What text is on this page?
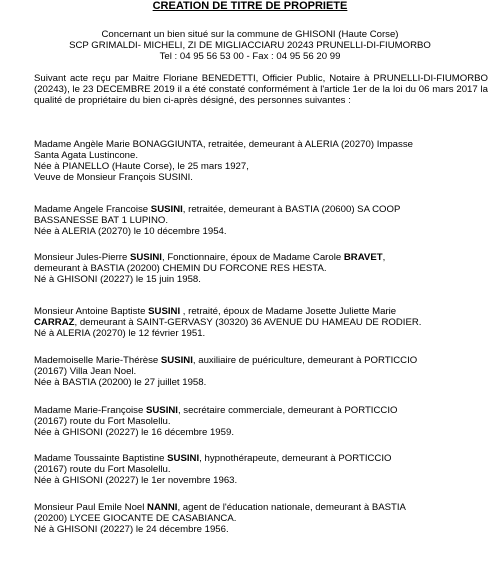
CREATION DE TITRE DE PROPRIETE
Concernant un bien situé sur la commune de GHISONI (Haute Corse)
SCP GRIMALDI- MICHELI, ZI DE MIGLIACCIARU 20243 PRUNELLI-DI-FIUMORBO
Tel : 04 95 56 53 00 - Fax : 04 95 56 20 99
Suivant acte reçu par Maitre Floriane BENEDETTI, Officier Public, Notaire à PRUNELLI-DI-FIUMORBO (20243), le 23 DECEMBRE 2019 il a été constaté conformément à l'article 1er de la loi du 06 mars 2017 la qualité de propriétaire du bien ci-après désigné, des personnes suivantes :
Madame Angèle Marie BONAGGIUNTA, retraitée, demeurant à ALERIA (20270) Impasse
Santa Agata Lustincone.
Née à PIANELLO (Haute Corse), le 25 mars 1927,
Veuve de Monsieur François SUSINI.
Madame Angele Francoise SUSINI, retraitée, demeurant à BASTIA (20600) SA COOP
BASSANESSE BAT 1 LUPINO.
Née à ALERIA (20270) le 10 décembre 1954.
Monsieur Jules-Pierre SUSINI, Fonctionnaire, époux de Madame Carole BRAVET,
demeurant à BASTIA (20200) CHEMIN DU FORCONE RES HESTA.
Né à GHISONI (20227) le 15 juin 1958.
Monsieur Antoine Baptiste SUSINI , retraité, époux de Madame Josette Juliette Marie
CARRAZ, demeurant à SAINT-GERVASY (30320) 36 AVENUE DU HAMEAU DE RODIER.
Né à ALERIA (20270) le 12 février 1951.
Mademoiselle Marie-Thérèse SUSINI, auxiliaire de puériculture, demeurant à PORTICCIO
(20167) Villa Jean Noel.
Née à BASTIA (20200) le 27 juillet 1958.
Madame Marie-Françoise SUSINI, secrétaire commerciale, demeurant à PORTICCIO
(20167) route du Fort Masolellu.
Née à GHISONI (20227) le 16 décembre 1959.
Madame Toussainte Baptistine SUSINI, hypnothérapeute, demeurant à PORTICCIO
(20167) route du Fort Masolellu.
Née à GHISONI (20227) le 1er novembre 1963.
Monsieur Paul Emile Noel NANNI, agent de l'éducation nationale, demeurant à BASTIA
(20200) LYCEE GIOCANTE DE CASABIANCA.
Né à GHISONI (20227) le 24 décembre 1956.
